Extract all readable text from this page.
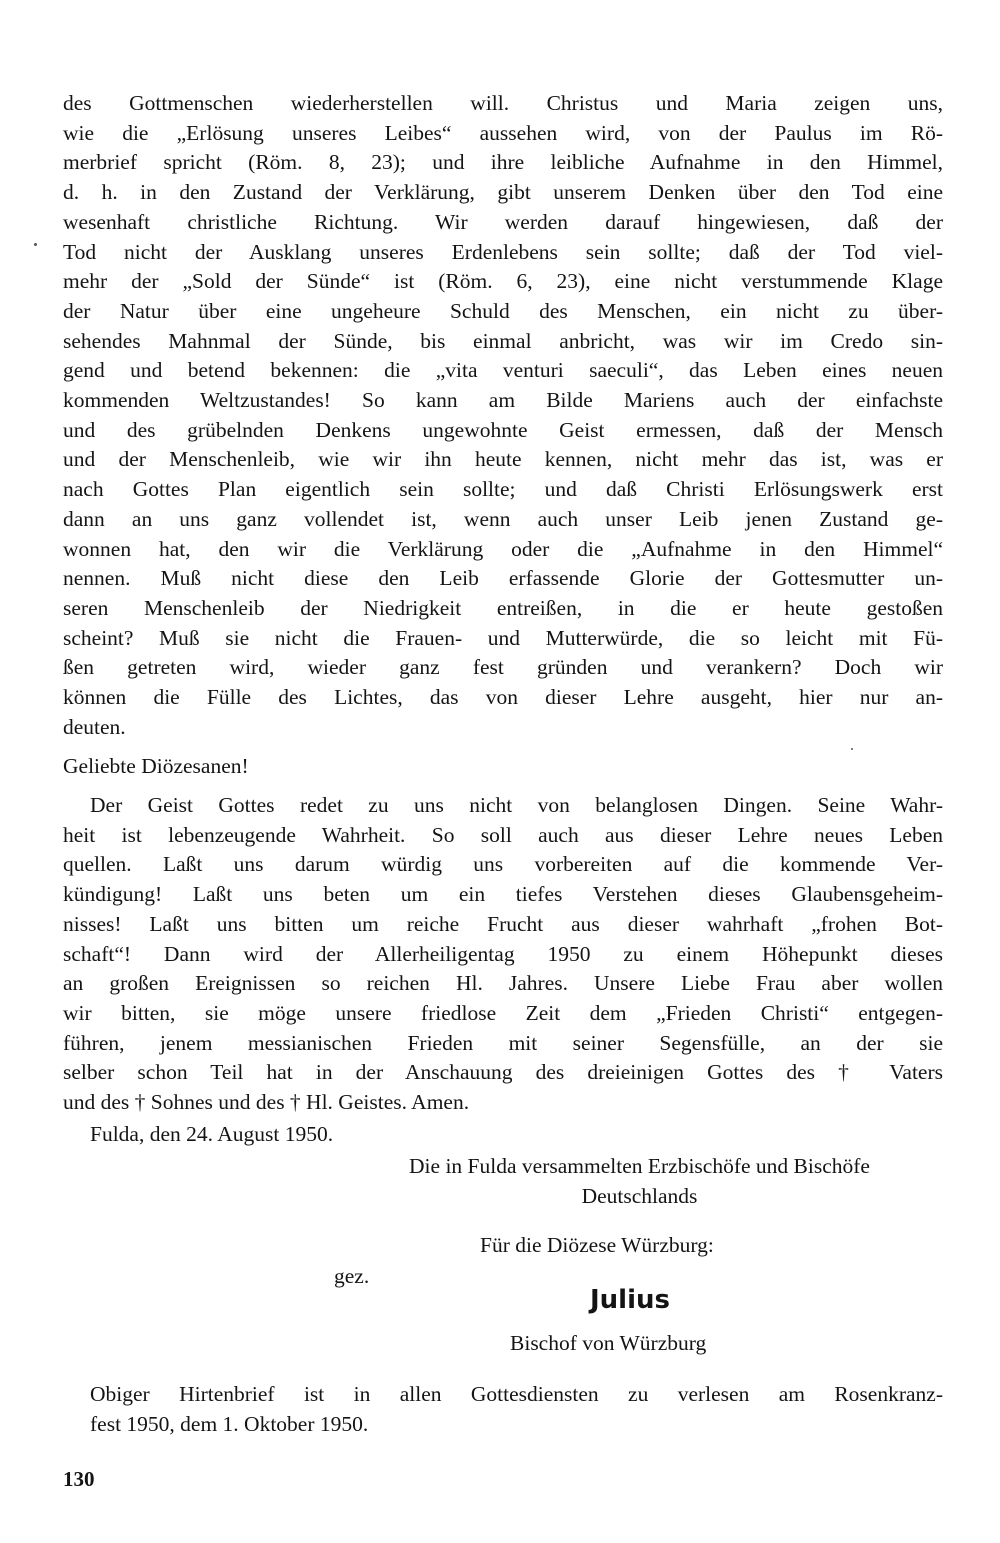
des Gottmenschen wiederherstellen will. Christus und Maria zeigen uns,
wie die „Erlösung unseres Leibes“ aussehen wird, von der Paulus im Rö-
merbrief spricht (Röm. 8, 23); und ihre leibliche Aufnahme in den Himmel,
d. h. in den Zustand der Verklärung, gibt unserem Denken über den Tod eine
wesenhaft christliche Richtung. Wir werden darauf hingewiesen, daß der
Tod nicht der Ausklang unseres Erdenlebens sein sollte; daß der Tod viel-
mehr der „Sold der Sünde“ ist (Röm. 6, 23), eine nicht verstummende Klage
der Natur über eine ungeheure Schuld des Menschen, ein nicht zu über-
sehendes Mahnmal der Sünde, bis einmal anbricht, was wir im Credo sin-
gend und betend bekennen: die „vita venturi saeculi“, das Leben eines neuen
kommenden Weltzustandes! So kann am Bilde Mariens auch der einfachste
und des grübelnden Denkens ungewohnte Geist ermessen, daß der Mensch
und der Menschenleib, wie wir ihn heute kennen, nicht mehr das ist, was er
nach Gottes Plan eigentlich sein sollte; und daß Christi Erlösungswerk erst
dann an uns ganz vollendet ist, wenn auch unser Leib jenen Zustand ge-
wonnen hat, den wir die Verklärung oder die „Aufnahme in den Himmel“
nennen. Muß nicht diese den Leib erfassende Glorie der Gottesmutter un-
seren Menschenleib der Niedrigkeit entreißen, in die er heute gestoßen
scheint? Muß sie nicht die Frauen- und Mutterwürde, die so leicht mit Fü-
ßen getreten wird, wieder ganz fest gründen und verankern? Doch wir
können die Fülle des Lichtes, das von dieser Lehre ausgeht, hier nur an-
deuten.
Geliebte Diözesanen!
Der Geist Gottes redet zu uns nicht von belanglosen Dingen. Seine Wahr-
heit ist lebenzeugende Wahrheit. So soll auch aus dieser Lehre neues Leben
quellen. Laßt uns darum würdig uns vorbereiten auf die kommende Ver-
kündigung! Laßt uns beten um ein tiefes Verstehen dieses Glaubensgeheim-
nisses! Laßt uns bitten um reiche Frucht aus dieser wahrhaft „frohen Bot-
schaft“! Dann wird der Allerheiligentag 1950 zu einem Höhepunkt dieses
an großen Ereignissen so reichen Hl. Jahres. Unsere Liebe Frau aber wollen
wir bitten, sie möge unsere friedlose Zeit dem „Frieden Christi“ entgegen-
führen, jenem messianischen Frieden mit seiner Segensfülle, an der sie
selber schon Teil hat in der Anschauung des dreieinigen Gottes des † Vaters
und des † Sohnes und des † Hl. Geistes. Amen.
Fulda, den 24. August 1950.
Die in Fulda versammelten Erzbischöfe und Bischöfe
Deutschlands
Für die Diözese Würzburg:
gez.
Julius
Bischof von Würzburg
Obiger Hirtenbrief ist in allen Gottesdiensten zu verlesen am Rosenkranz-
fest 1950, dem 1. Oktober 1950.
130
